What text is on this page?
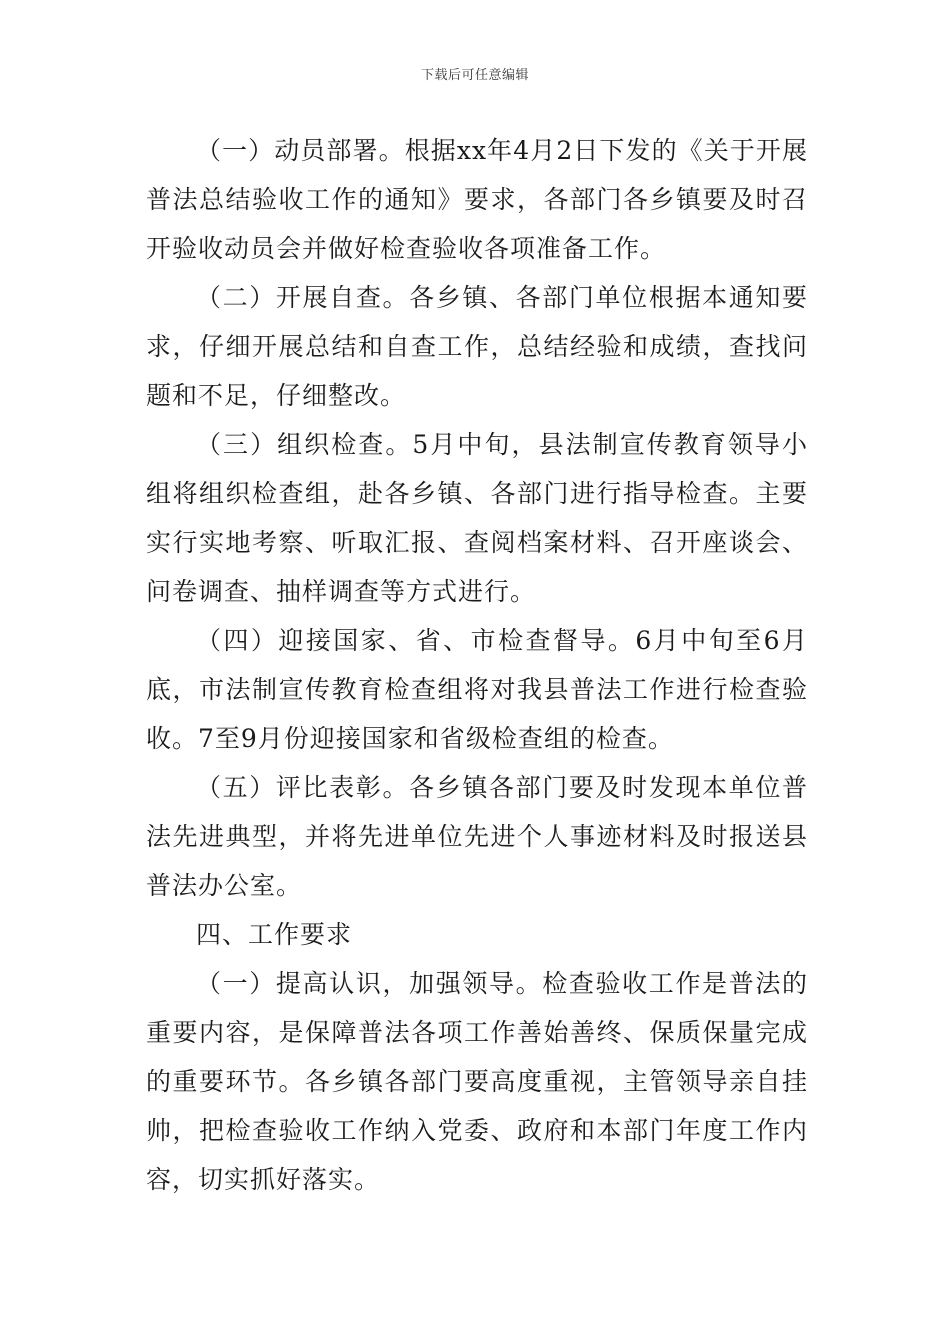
下载后可任意编辑

（一）动员部署。根据xx年4月2日下发的《关于开展普法总结验收工作的通知》要求，各部门各乡镇要及时召开验收动员会并做好检查验收各项准备工作。

（二）开展自查。各乡镇、各部门单位根据本通知要求，仔细开展总结和自查工作，总结经验和成绩，查找问题和不足，仔细整改。

（三）组织检查。5月中旬，县法制宣传教育领导小组将组织检查组，赴各乡镇、各部门进行指导检查。主要实行实地考察、听取汇报、查阅档案材料、召开座谈会、问卷调查、抽样调查等方式进行。

（四）迎接国家、省、市检查督导。6月中旬至6月底，市法制宣传教育检查组将对我县普法工作进行检查验收。7至9月份迎接国家和省级检查组的检查。

（五）评比表彰。各乡镇各部门要及时发现本单位普法先进典型，并将先进单位先进个人事迹材料及时报送县普法办公室。

四、工作要求

（一）提高认识，加强领导。检查验收工作是普法的重要内容，是保障普法各项工作善始善终、保质保量完成的重要环节。各乡镇各部门要高度重视，主管领导亲自挂帅，把检查验收工作纳入党委、政府和本部门年度工作内容，切实抓好落实。
